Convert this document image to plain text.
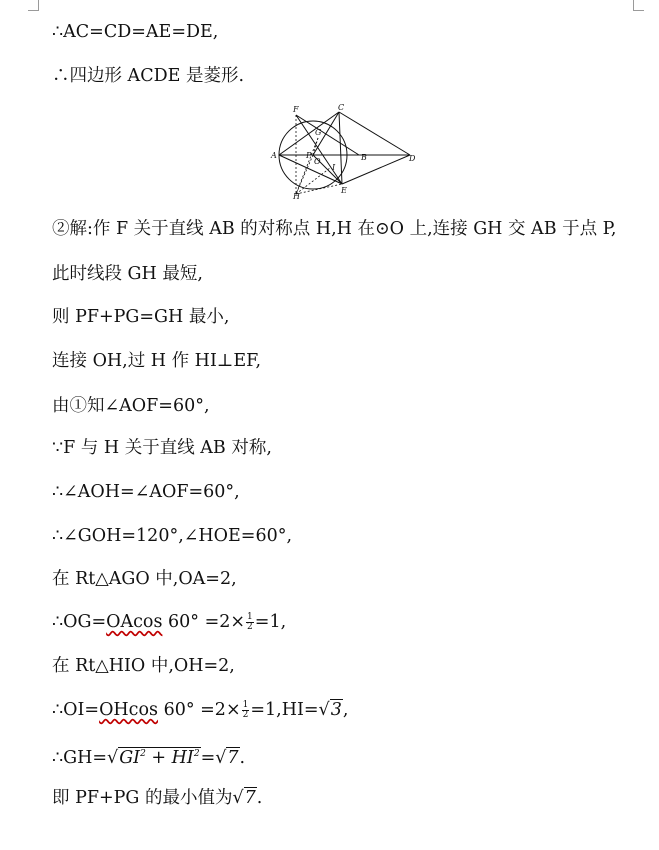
∴AC=CD=AE=DE,
∴四边形 ACDE 是菱形.
A	B
C
D
E
F
G
H
I
O
P
②解:作 F 关于直线 AB 的对称点 H,H 在⊙O 上,连接 GH 交 AB 于点 P,
此时线段 GH 最短,
则 PF+PG=GH 最小,
连接 OH,过 H 作 HI⊥EF,
由①知∠AOF=60°,
∵F 与 H 关于直线 AB 对称,
∴∠AOH=∠AOF=60°,
∴∠GOH=120°,∠HOE=60°,
在 Rt△AGO 中,OA=2,
∴OG=OAcos $60^\circ =2\times \frac{1}{2} =1$,
在 Rt△HIO 中,OH=2,
∴OI=OHcos $60^\circ =2\times \frac{1}{2} =1,HI=√3$,
$\therefore GH=√GI^2 + HI^2=√7$.
即 PF+PG 的最小值为√7.
